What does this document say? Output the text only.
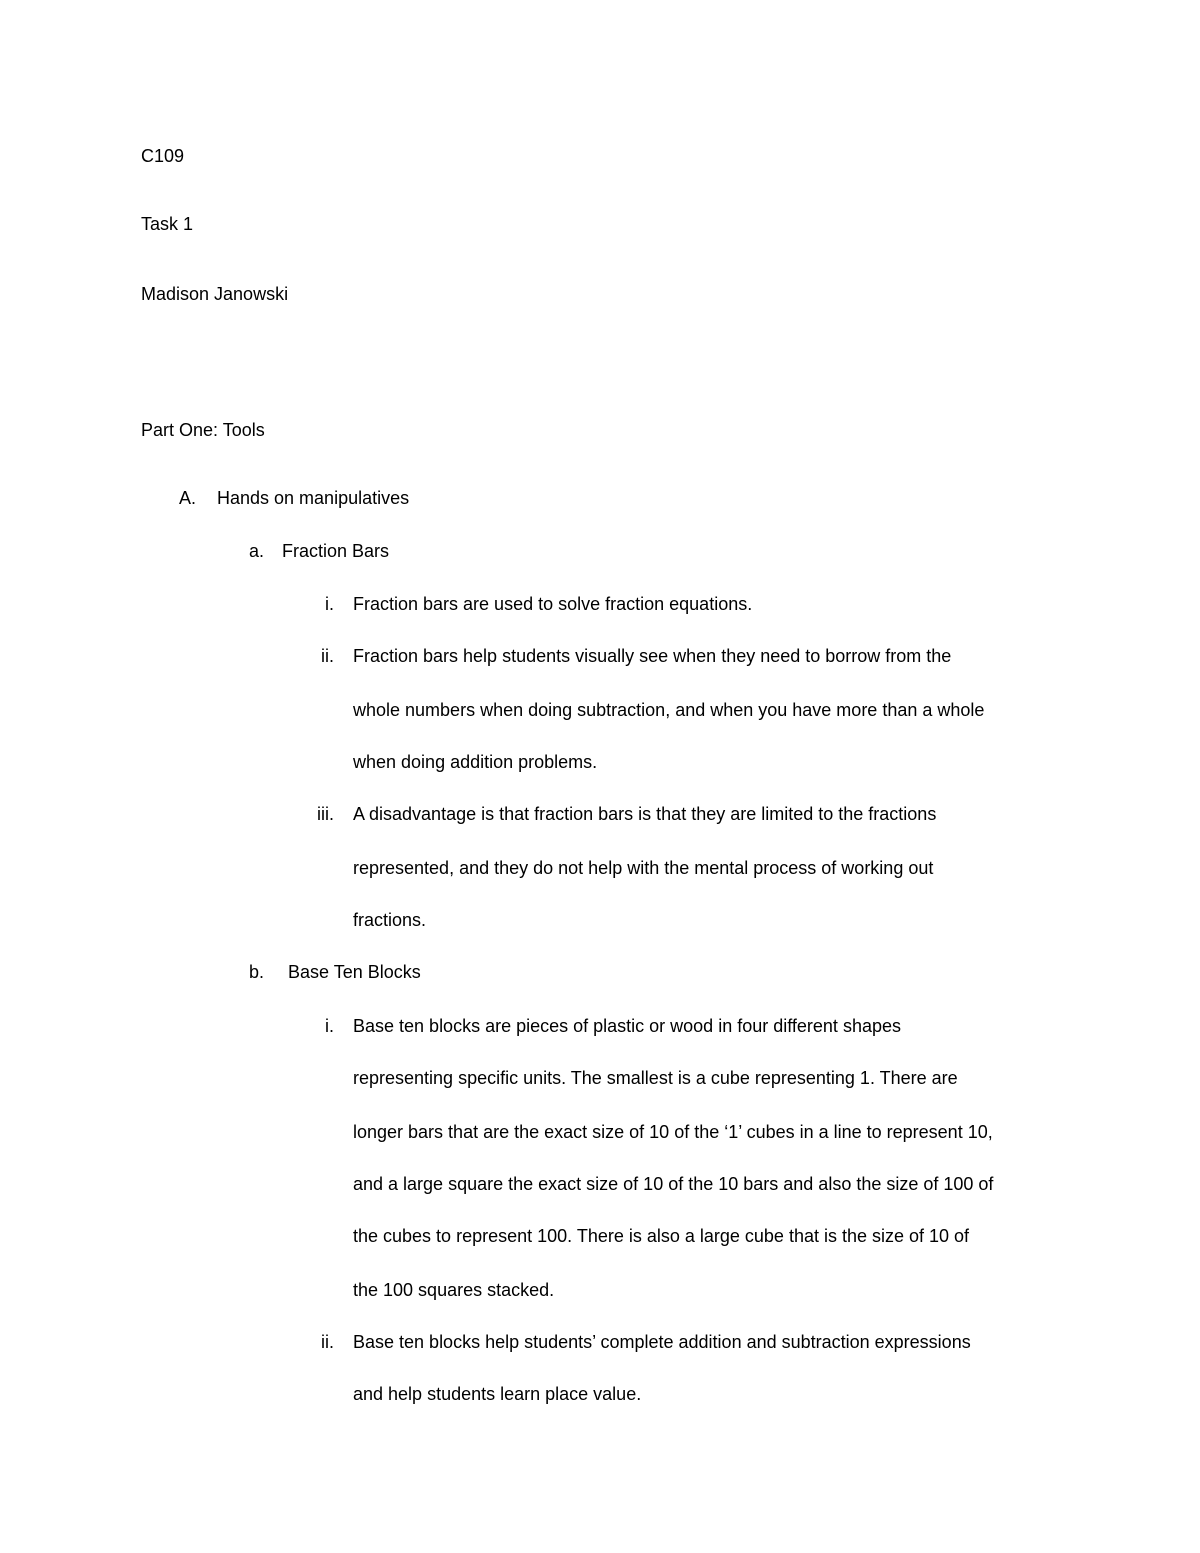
C109
Task 1
Madison Janowski
Part One: Tools
A. Hands on manipulatives
a. Fraction Bars
i. Fraction bars are used to solve fraction equations.
ii. Fraction bars help students visually see when they need to borrow from the
whole numbers when doing subtraction, and when you have more than a whole
when doing addition problems.
iii. A disadvantage is that fraction bars is that they are limited to the fractions
represented, and they do not help with the mental process of working out
fractions.
b. Base Ten Blocks
i. Base ten blocks are pieces of plastic or wood in four different shapes
representing specific units. The smallest is a cube representing 1. There are
longer bars that are the exact size of 10 of the ‘1’ cubes in a line to represent 10,
and a large square the exact size of 10 of the 10 bars and also the size of 100 of
the cubes to represent 100. There is also a large cube that is the size of 10 of
the 100 squares stacked.
ii. Base ten blocks help students’ complete addition and subtraction expressions
and help students learn place value.
